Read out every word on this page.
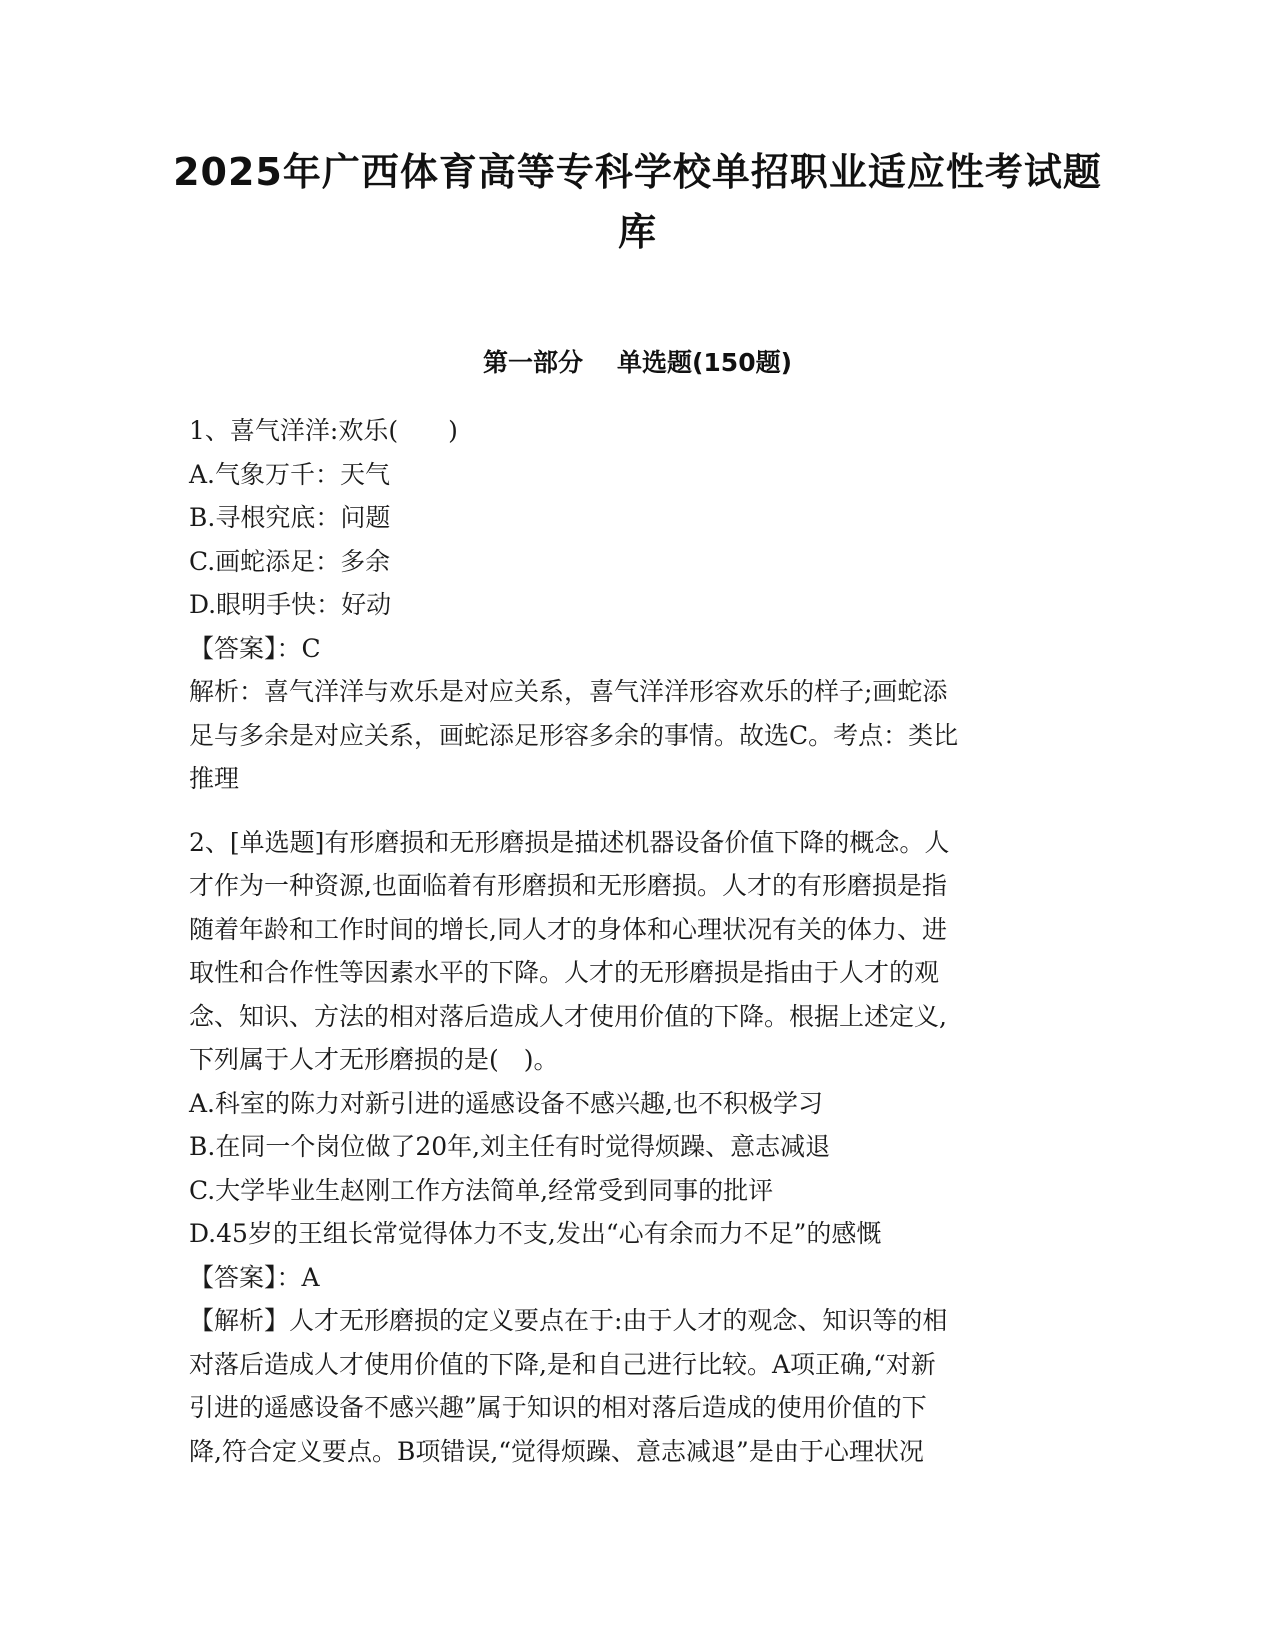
2025年广西体育高等专科学校单招职业适应性考试题
库
第一部分 单选题(150题)
1、喜气洋洋:欢乐(　　)
A.气象万千：天气
B.寻根究底：问题
C.画蛇添足：多余
D.眼明手快：好动
【答案】：C
解析：喜气洋洋与欢乐是对应关系，喜气洋洋形容欢乐的样子;画蛇添
足与多余是对应关系，画蛇添足形容多余的事情。故选C。考点：类比
推理
2、[单选题]有形磨损和无形磨损是描述机器设备价值下降的概念。人
才作为一种资源,也面临着有形磨损和无形磨损。人才的有形磨损是指
随着年龄和工作时间的增长,同人才的身体和心理状况有关的体力、进
取性和合作性等因素水平的下降。人才的无形磨损是指由于人才的观
念、知识、方法的相对落后造成人才使用价值的下降。根据上述定义,
下列属于人才无形磨损的是(　)。
A.科室的陈力对新引进的遥感设备不感兴趣,也不积极学习
B.在同一个岗位做了20年,刘主任有时觉得烦躁、意志减退
C.大学毕业生赵刚工作方法简单,经常受到同事的批评
D.45岁的王组长常觉得体力不支,发出“心有余而力不足”的感慨
【答案】：A
【解析】人才无形磨损的定义要点在于:由于人才的观念、知识等的相
对落后造成人才使用价值的下降,是和自己进行比较。A项正确,“对新
引进的遥感设备不感兴趣”属于知识的相对落后造成的使用价值的下
降,符合定义要点。B项错误,“觉得烦躁、意志减退”是由于心理状况
